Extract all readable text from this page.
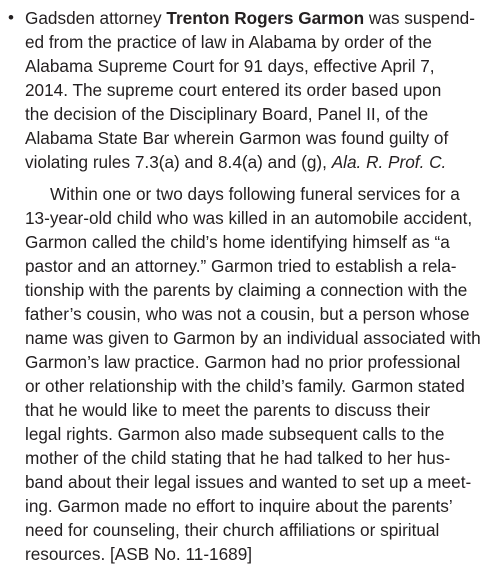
• Gadsden attorney Trenton Rogers Garmon was suspend-
ed from the practice of law in Alabama by order of the
Alabama Supreme Court for 91 days, effective April 7,
2014. The supreme court entered its order based upon
the decision of the Disciplinary Board, Panel II, of the
Alabama State Bar wherein Garmon was found guilty of
violating rules 7.3(a) and 8.4(a) and (g), Ala. R. Prof. C.
Within one or two days following funeral services for a
13-year-old child who was killed in an automobile accident,
Garmon called the child’s home identifying himself as “a
pastor and an attorney.” Garmon tried to establish a rela-
tionship with the parents by claiming a connection with the
father’s cousin, who was not a cousin, but a person whose
name was given to Garmon by an individual associated with
Garmon’s law practice. Garmon had no prior professional
or other relationship with the child’s family. Garmon stated
that he would like to meet the parents to discuss their
legal rights. Garmon also made subsequent calls to the
mother of the child stating that he had talked to her hus-
band about their legal issues and wanted to set up a meet-
ing. Garmon made no effort to inquire about the parents’
need for counseling, their church affiliations or spiritual
resources. [ASB No. 11-1689]
